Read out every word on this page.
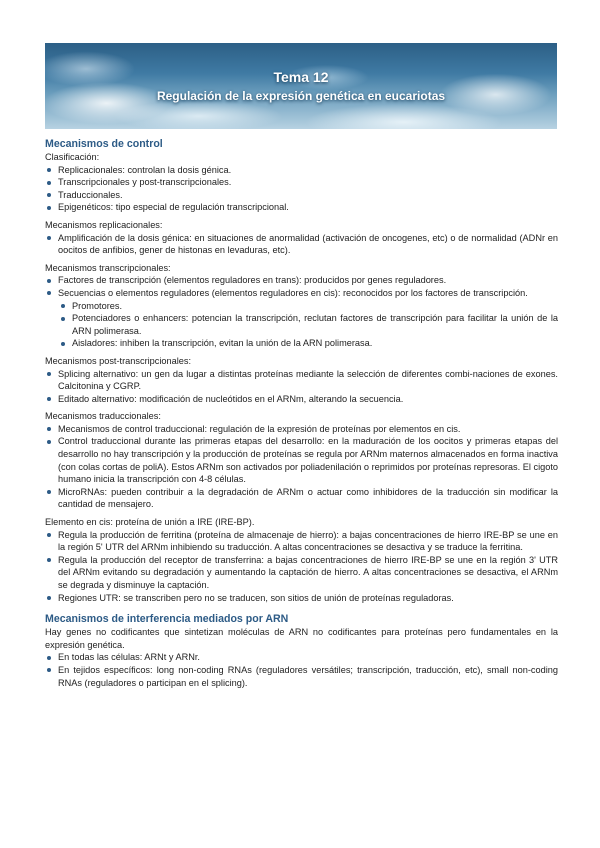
Tema 12
Regulación de la expresión genética en eucariotas
Mecanismos de control

Clasificación:

Replicacionales: controlan la dosis génica.
Transcripcionales y post-transcripcionales.
Traduccionales.
Epigenéticos: tipo especial de regulación transcripcional.

Mecanismos replicacionales:

Amplificación de la dosis génica: en situaciones de anormalidad (activación de oncogenes, etc) o de normalidad (ADNr en oocitos de anfibios, gener de histonas en levaduras, etc).

Mecanismos transcripcionales:

Factores de transcripción (elementos reguladores en trans): producidos por genes reguladores.
Secuencias o elementos reguladores (elementos reguladores en cis): reconocidos por los factores de transcripción.
Promotores.
Potenciadores o enhancers: potencian la transcripción, reclutan factores de transcripción para facilitar la unión de la ARN polimerasa.
Aisladores: inhiben la transcripción, evitan la unión de la ARN polimerasa.

Mecanismos post-transcripcionales:

Splicing alternativo: un gen da lugar a distintas proteínas mediante la selección de diferentes combi-naciones de exones. Calcitonina y CGRP.
Editado alternativo: modificación de nucleótidos en el ARNm, alterando la secuencia.

Mecanismos traduccionales:

Mecanismos de control traduccional: regulación de la expresión de proteínas por elementos en cis.
Control traduccional durante las primeras etapas del desarrollo: en la maduración de los oocitos y primeras etapas del desarrollo no hay transcripción y la producción de proteínas se regula por ARNm maternos almacenados en forma inactiva (con colas cortas de poliA). Estos ARNm son activados por poliadenilación o reprimidos por proteínas represoras. El cigoto humano inicia la transcripción con 4-8 células.
MicroRNAs: pueden contribuir a la degradación de ARNm o actuar como inhibidores de la traducción sin modificar la cantidad de mensajero.

Elemento en cis: proteína de unión a IRE (IRE-BP).

Regula la producción de ferritina (proteína de almacenaje de hierro): a bajas concentraciones de hierro IRE-BP se une en la región 5' UTR del ARNm inhibiendo su traducción. A altas concentraciones se desactiva y se traduce la ferritina.
Regula la producción del receptor de transferrina: a bajas concentraciones de hierro IRE-BP se une en la región 3' UTR del ARNm evitando su degradación y aumentando la captación de hierro. A altas concentraciones se desactiva, el ARNm se degrada y disminuye la captación.
Regiones UTR: se transcriben pero no se traducen, son sitios de unión de proteínas reguladoras.
Mecanismos de interferencia mediados por ARN

Hay genes no codificantes que sintetizan moléculas de ARN no codificantes para proteínas pero fundamentales en la expresión genética.

En todas las células: ARNt y ARNr.
En tejidos específicos: long non-coding RNAs (reguladores versátiles; transcripción, traducción, etc), small non-coding RNAs (reguladores o participan en el splicing).
